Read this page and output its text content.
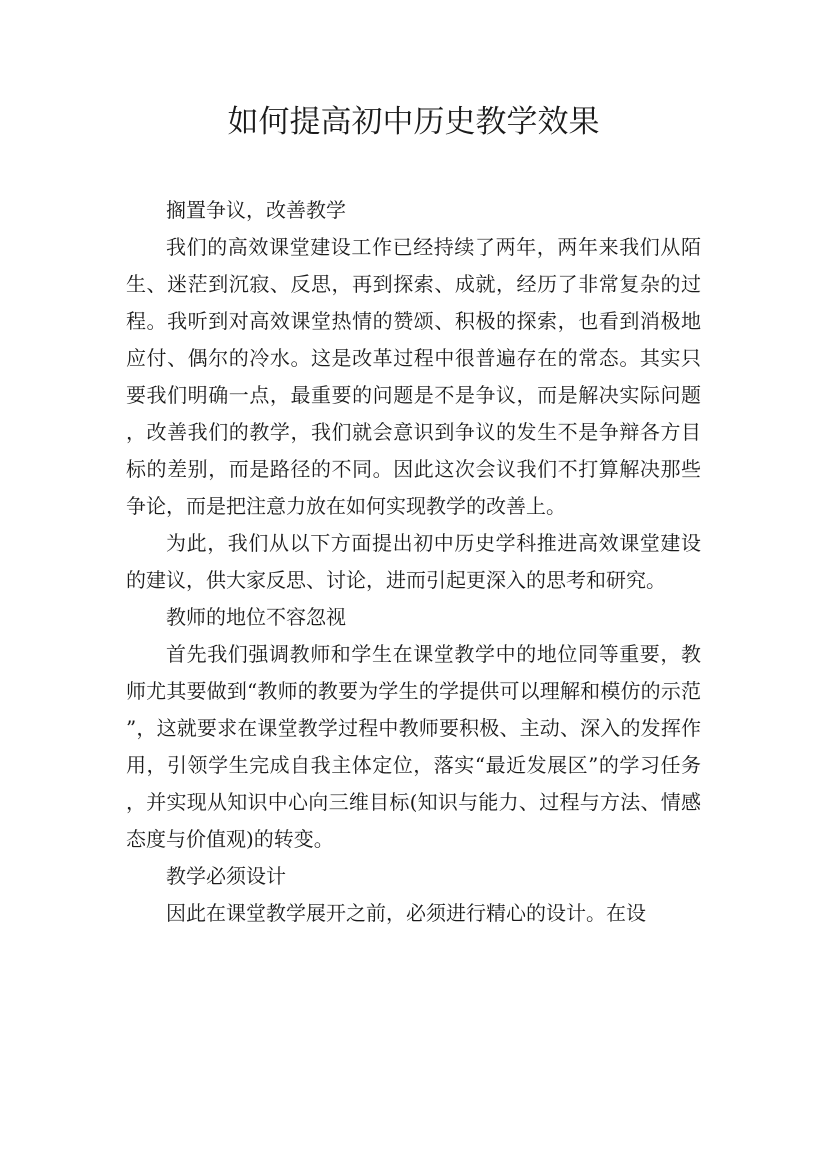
如何提高初中历史教学效果

搁置争议，改善教学

我们的高效课堂建设工作已经持续了两年，两年来我们从陌生、迷茫到沉寂、反思，再到探索、成就，经历了非常复杂的过程。我听到对高效课堂热情的赞颂、积极的探索，也看到消极地应付、偶尔的冷水。这是改革过程中很普遍存在的常态。其实只要我们明确一点，最重要的问题是不是争议，而是解决实际问题，改善我们的教学，我们就会意识到争议的发生不是争辩各方目标的差别，而是路径的不同。因此这次会议我们不打算解决那些争论，而是把注意力放在如何实现教学的改善上。

为此，我们从以下方面提出初中历史学科推进高效课堂建设的建议，供大家反思、讨论，进而引起更深入的思考和研究。

教师的地位不容忽视

首先我们强调教师和学生在课堂教学中的地位同等重要，教师尤其要做到“教师的教要为学生的学提供可以理解和模仿的示范”，这就要求在课堂教学过程中教师要积极、主动、深入的发挥作用，引领学生完成自我主体定位，落实“最近发展区”的学习任务，并实现从知识中心向三维目标(知识与能力、过程与方法、情感态度与价值观)的转变。

教学必须设计

因此在课堂教学展开之前，必须进行精心的设计。在设
